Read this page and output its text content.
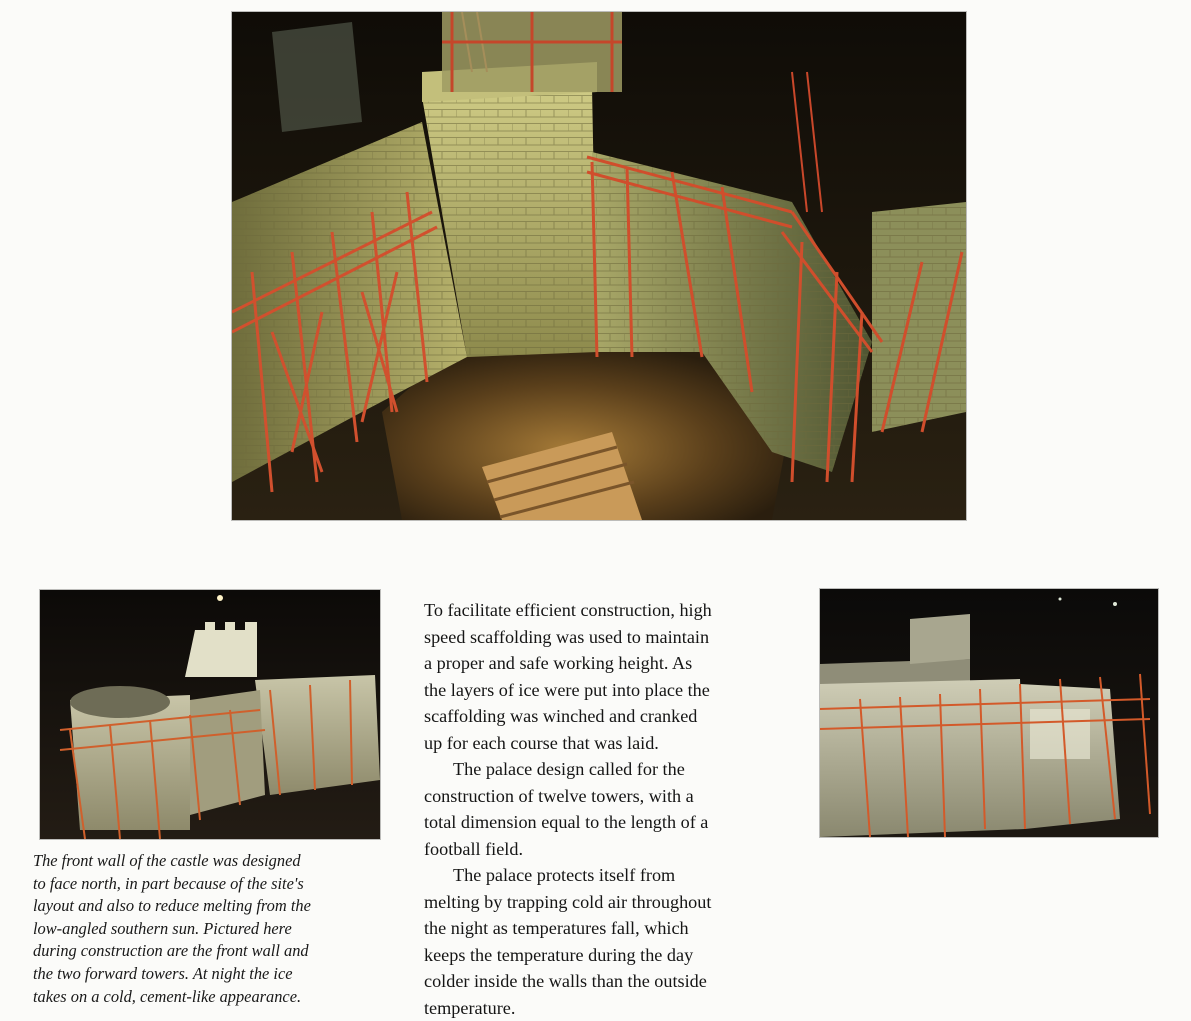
The front wall of the castle was designed
to face north, in part because of the site's
layout and also to reduce melting from the
low-angled southern sun. Pictured here
during construction are the front wall and
the two forward towers. At night the ice
takes on a cold, cement-like appearance.

To facilitate efficient construction, high
speed scaffolding was used to maintain
a proper and safe working height. As
the layers of ice were put into place the
scaffolding was winched and cranked
up for each course that was laid.

The palace design called for the
construction of twelve towers, with a
total dimension equal to the length of a
football field.

The palace protects itself from
melting by trapping cold air throughout
the night as temperatures fall, which
keeps the temperature during the day
colder inside the walls than the outside
temperature.
